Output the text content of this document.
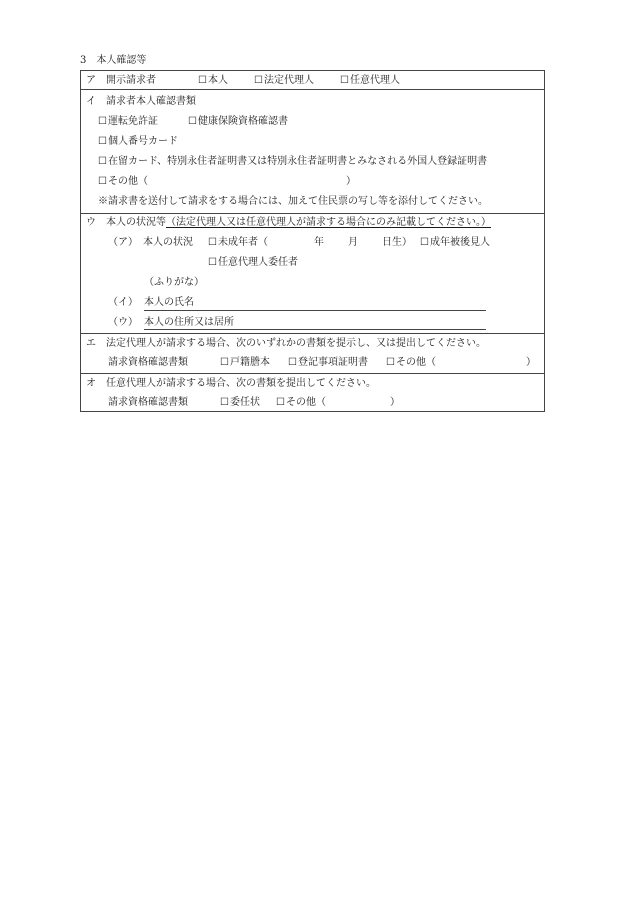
3　本人確認等
ア　開示請求者	☐ 本人	☐ 法定代理人	☐ 任意代理人
イ　請求者本人確認書類
☐ 運転免許証	☐ 健康保険資格確認書
☐ 個人番号カード
☐ 在留カード、特別永住者証明書又は特別永住者証明書とみなされる外国人登録証明書
☐ その他（	）
※請求書を送付して請求をする場合には、加えて住民票の写し等を添付してください。
ウ　本人の状況等（法定代理人又は任意代理人が請求する場合にのみ記載してください。）
（ア）　本人の状況	☐ 未成年者（	年 月 日生）	☐ 成年被後見人
☐ 任意代理人委任者
（ふりがな）
（イ） 本人の氏名
（ウ） 本人の住所又は居所
エ　法定代理人が請求する場合、次のいずれかの書類を提示し、又は提出してください。
請求資格確認書類	☐ 戸籍謄本	☐ 登記事項証明書	☐ その他（	）
オ　任意代理人が請求する場合、次の書類を提出してください。
請求資格確認書類	☐ 委任状	☐ その他（	）
